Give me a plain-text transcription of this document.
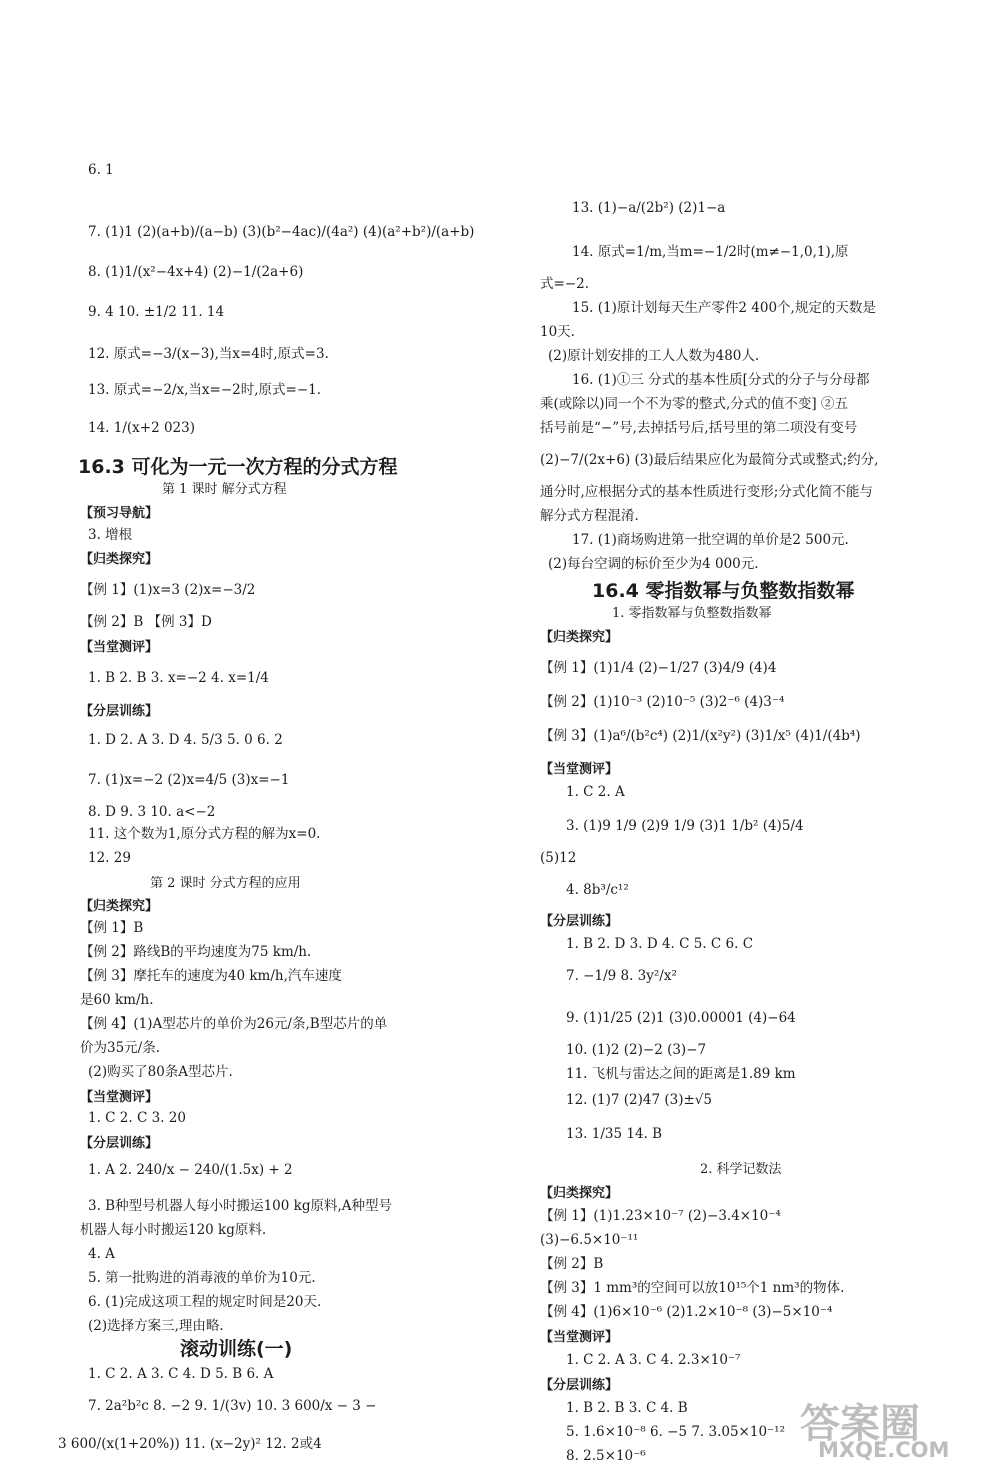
6. 1
7. (1)1 (2)(a+b)/(a−b) (3)(b²−4ac)/(4a²) (4)(a²+b²)/(a+b)
8. (1)1/(x²−4x+4) (2)−1/(2a+6)
9. 4 10. ±1/2 11. 14
12. 原式=−3/(x−3),当x=4时,原式=3.
13. 原式=−2/x,当x=−2时,原式=−1.
14. 1/(x+2 023)
【预习导航】
3. 增根
【归类探究】
【例 1】(1)x=3 (2)x=−3/2
【例 2】B 【例 3】D
【当堂测评】
1. B 2. B 3. x=−2 4. x=1/4
【分层训练】
1. D 2. A 3. D 4. 5/3 5. 0 6. 2
7. (1)x=−2 (2)x=4/5 (3)x=−1
8. D 9. 3 10. a<−2
11. 这个数为1,原分式方程的解为x=0.
12. 29
【归类探究】
【例 1】B
【例 2】路线B的平均速度为75 km/h.
【例 3】摩托车的速度为40 km/h,汽车速度
是60 km/h.
【例 4】(1)A型芯片的单价为26元/条,B型芯片的单
价为35元/条.
(2)购买了80条A型芯片.
【当堂测评】
1. C 2. C 3. 20
【分层训练】
1. A 2. 240/x − 240/(1.5x) + 2
3. B种型号机器人每小时搬运100 kg原料,A种型号
机器人每小时搬运120 kg原料.
4. A
5. 第一批购进的消毒液的单价为10元.
6. (1)完成这项工程的规定时间是20天.
(2)选择方案三,理由略.
1. C 2. A 3. C 4. D 5. B 6. A
7. 2a²b²c 8. −2 9. 1/(3v) 10. 3 600/x − 3 −
3 600/(x(1+20%)) 11. (x−2y)² 12. 2或4
13. (1)−a/(2b²) (2)1−a
14. 原式=1/m,当m=−1/2时(m≠−1,0,1),原
式=−2.
15. (1)原计划每天生产零件2 400个,规定的天数是
10天.
(2)原计划安排的工人人数为480人.
16. (1)①三 分式的基本性质[分式的分子与分母都
乘(或除以)同一个不为零的整式,分式的值不变] ②五
括号前是“−”号,去掉括号后,括号里的第二项没有变号
(2)−7/(2x+6) (3)最后结果应化为最简分式或整式;约分,
通分时,应根据分式的基本性质进行变形;分式化简不能与
解分式方程混淆.
17. (1)商场购进第一批空调的单价是2 500元.
(2)每台空调的标价至少为4 000元.
【归类探究】
【例 1】(1)1/4 (2)−1/27 (3)4/9 (4)4
【例 2】(1)10⁻³ (2)10⁻⁵ (3)2⁻⁶ (4)3⁻⁴
【例 3】(1)a⁶/(b²c⁴) (2)1/(x²y²) (3)1/x⁵ (4)1/(4b⁴)
【当堂测评】
1. C 2. A
3. (1)9 1/9 (2)9 1/9 (3)1 1/b² (4)5/4
(5)12
4. 8b³/c¹²
【分层训练】
1. B 2. D 3. D 4. C 5. C 6. C
7. −1/9 8. 3y²/x²
9. (1)1/25 (2)1 (3)0.00001 (4)−64
10. (1)2 (2)−2 (3)−7
11. 飞机与雷达之间的距离是1.89 km
12. (1)7 (2)47 (3)±√5
13. 1/35 14. B
【归类探究】
【例 1】(1)1.23×10⁻⁷ (2)−3.4×10⁻⁴
(3)−6.5×10⁻¹¹
【例 2】B
【例 3】1 mm³的空间可以放10¹⁵个1 nm³的物体.
【例 4】(1)6×10⁻⁶ (2)1.2×10⁻⁸ (3)−5×10⁻⁴
【当堂测评】
1. C 2. A 3. C 4. 2.3×10⁻⁷
【分层训练】
1. B 2. B 3. C 4. B
5. 1.6×10⁻⁸ 6. −5 7. 3.05×10⁻¹²
8. 2.5×10⁻⁶
16.3 可化为一元一次方程的分式方程
第 1 课时 解分式方程
第 2 课时 分式方程的应用
滚动训练(一)
16.4 零指数幂与负整数指数幂
1. 零指数幂与负整数指数幂
2. 科学记数法
答案圈
MXQE.COM
